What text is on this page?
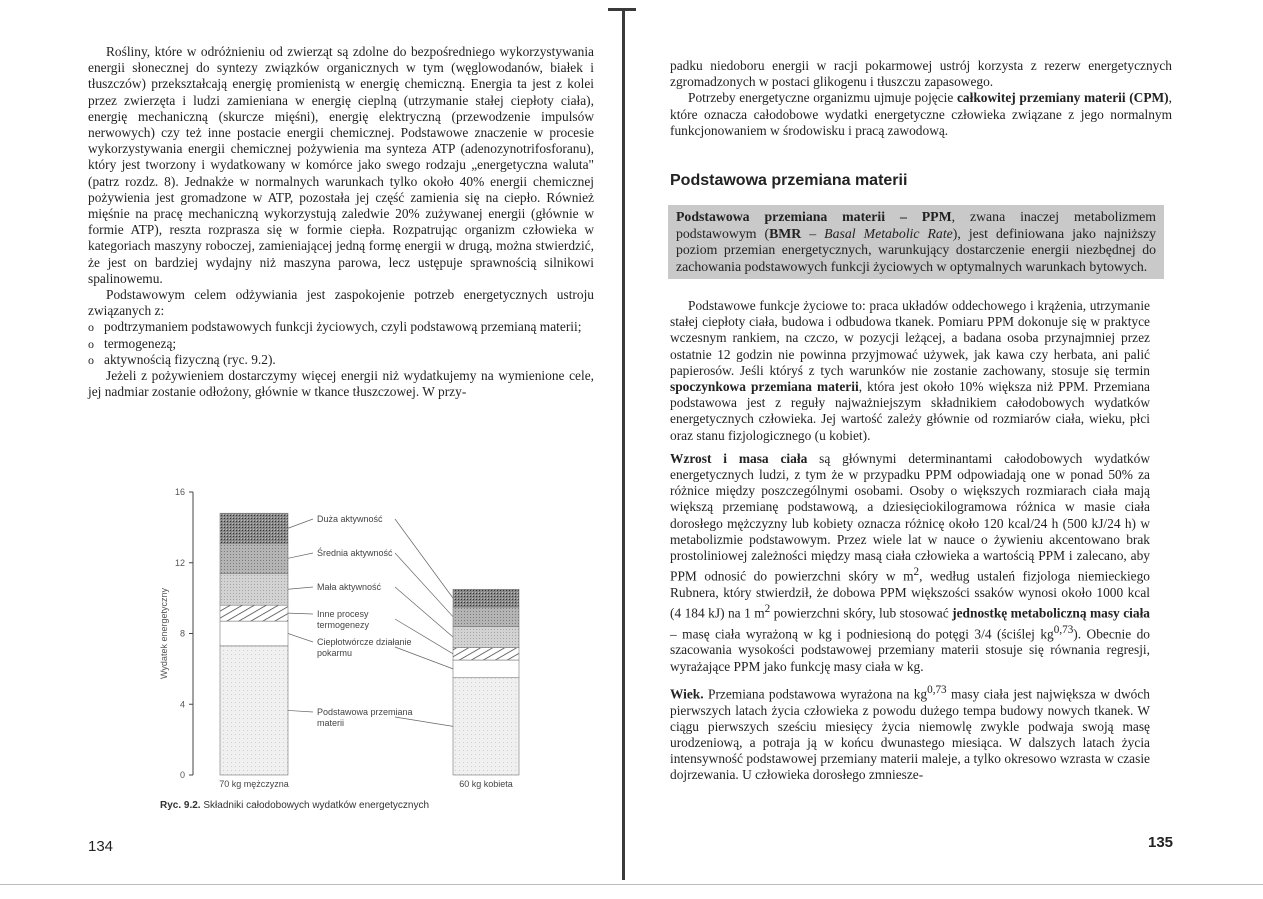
Rośliny, które w odróżnieniu od zwierząt są zdolne do bezpośredniego wykorzystywania energii słonecznej do syntezy związków organicznych w tym (węglowodanów, białek i tłuszczów) przekształcają energię promienistą w energię chemiczną. Energia ta jest z kolei przez zwierzęta i ludzi zamieniana w energię cieplną (utrzymanie stałej ciepłoty ciała), energię mechaniczną (skurcze mięśni), energię elektryczną (przewodzenie impulsów nerwowych) czy też inne postacie energii chemicznej. Podstawowe znaczenie w procesie wykorzystywania energii chemicznej pożywienia ma synteza ATP (adenozynotrifosforanu), który jest tworzony i wydatkowany w komórce jako swego rodzaju „energetyczna waluta" (patrz rozdz. 8). Jednakże w normalnych warunkach tylko około 40% energii chemicznej pożywienia jest gromadzone w ATP, pozostała jej część zamienia się na ciepło. Również mięśnie na pracę mechaniczną wykorzystują zaledwie 20% zużywanej energii (głównie w formie ATP), reszta rozprasza się w formie ciepła. Rozpatrując organizm człowieka w kategoriach maszyny roboczej, zamieniającej jedną formę energii w drugą, można stwierdzić, że jest on bardziej wydajny niż maszyna parowa, lecz ustępuje sprawnością silnikowi spalinowemu.

Podstawowym celem odżywiania jest zaspokojenie potrzeb energetycznych ustroju związanych z:

o podtrzymaniem podstawowych funkcji życiowych, czyli podstawową przemianą materii;
o termogenezą;
o aktywnością fizyczną (ryc. 9.2).

Jeżeli z pożywieniem dostarczymy więcej energii niż wydatkujemy na wymienione cele, jej nadmiar zostanie odłożony, głównie w tkance tłuszczowej. W przy-

0
4
8
12
16
Wydatek energetyczny
70 kg mężczyzna	60 kg kobieta
Duża aktywność
Średnia aktywność
Mała aktywność
Inne procesy termogenezy
Ciepłotwórcze działanie pokarmu
Podstawowa przemiana materii
Ryc. 9.2. Składniki całodobowych wydatków energetycznych
134

padku niedoboru energii w racji pokarmowej ustrój korzysta z rezerw energetycznych zgromadzonych w postaci glikogenu i tłuszczu zapasowego.

Potrzeby energetyczne organizmu ujmuje pojęcie całkowitej przemiany materii (CPM), które oznacza całodobowe wydatki energetyczne człowieka związane z jego normalnym funkcjonowaniem w środowisku i pracą zawodową.

Podstawowa przemiana materii
Podstawowa przemiana materii – PPM, zwana inaczej metabolizmem podstawowym (BMR – Basal Metabolic Rate), jest definiowana jako najniższy poziom przemian energetycznych, warunkujący dostarczenie energii niezbędnej do zachowania podstawowych funkcji życiowych w optymalnych warunkach bytowych.

Podstawowe funkcje życiowe to: praca układów oddechowego i krążenia, utrzymanie stałej ciepłoty ciała, budowa i odbudowa tkanek. Pomiaru PPM dokonuje się w praktyce wczesnym rankiem, na czczo, w pozycji leżącej, a badana osoba przynajmniej przez ostatnie 12 godzin nie powinna przyjmować używek, jak kawa czy herbata, ani palić papierosów. Jeśli któryś z tych warunków nie zostanie zachowany, stosuje się termin spoczynkowa przemiana materii, która jest około 10% większa niż PPM. Przemiana podstawowa jest z reguły najważniejszym składnikiem całodobowych wydatków energetycznych człowieka. Jej wartość zależy głównie od rozmiarów ciała, wieku, płci oraz stanu fizjologicznego (u kobiet).

Wzrost i masa ciała są głównymi determinantami całodobowych wydatków energetycznych ludzi, z tym że w przypadku PPM odpowiadają one w ponad 50% za różnice między poszczególnymi osobami. Osoby o większych rozmiarach ciała mają większą przemianę podstawową, a dziesięciokilogramowa różnica w masie ciała dorosłego mężczyzny lub kobiety oznacza różnicę około 120 kcal/24 h (500 kJ/24 h) w metabolizmie podstawowym. Przez wiele lat w nauce o żywieniu akcentowano brak prostoliniowej zależności między masą ciała człowieka a wartością PPM i zalecano, aby PPM odnosić do powierzchni skóry w $m^2$, według ustaleń fizjologa niemieckiego Rubnera, który stwierdził, że dobowa PPM większości ssaków wynosi około 1000 kcal (4 184 kJ) na 1 $m^2$ powierzchni skóry, lub stosować jednostkę metaboliczną masy ciała – masę ciała wyrażoną w kg i podniesioną do potęgi 3/4 (ściślej kg$^{0,73}$). Obecnie do szacowania wysokości podstawowej przemiany materii stosuje się równania regresji, wyrażające PPM jako funkcję masy ciała w kg.

Wiek. Przemiana podstawowa wyrażona na kg$^{0,73}$ masy ciała jest największa w dwóch pierwszych latach życia człowieka z powodu dużego tempa budowy nowych tkanek. W ciągu pierwszych sześciu miesięcy życia niemowlę zwykle podwaja swoją masę urodzeniową, a potraja ją w końcu dwunastego miesiąca. W dalszych latach życia intensywność podstawowej przemiany materii maleje, a tylko okresowo wzrasta w czasie dojrzewania. U człowieka dorosłego zmniesze-

135
